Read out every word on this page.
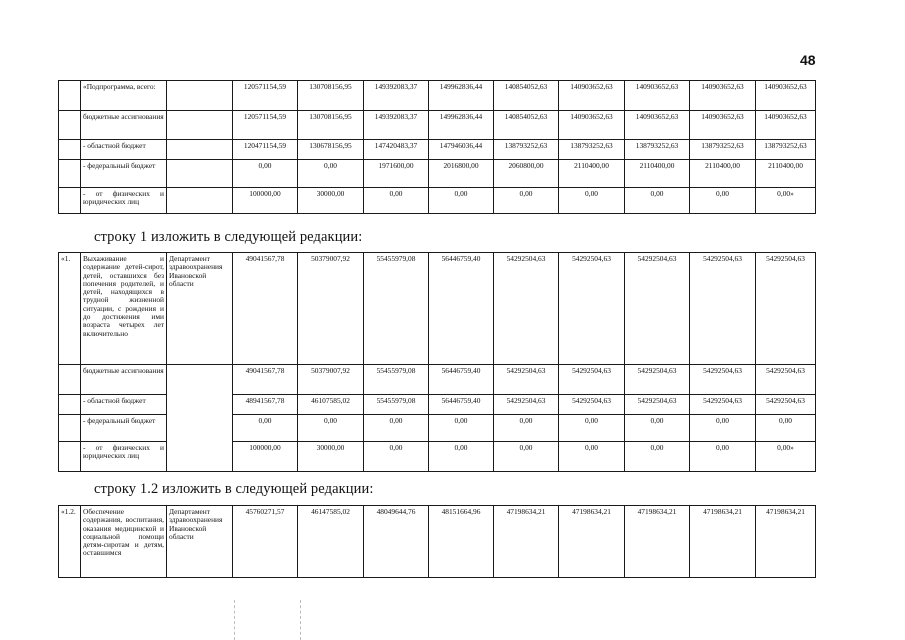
48
	«Подпрограмма, всего:		120571154,59	130708156,95	149392083,37	149962836,44	140854052,63	140903652,63	140903652,63	140903652,63	140903652,63
	бюджетные ассигнования		120571154,59	130708156,95	149392083,37	149962836,44	140854052,63	140903652,63	140903652,63	140903652,63	140903652,63
	- областной бюджет		120471154,59	130678156,95	147420483,37	147946036,44	138793252,63	138793252,63	138793252,63	138793252,63	138793252,63
	- федеральный бюджет		0,00	0,00	1971600,00	2016800,00	2060800,00	2110400,00	2110400,00	2110400,00	2110400,00
	- от физических и юридических лиц		100000,00	30000,00	0,00	0,00	0,00	0,00	0,00	0,00	0,00»
строку 1 изложить в следующей редакции:
«1.	Выхаживание и содержание детей-сирот, детей, оставшихся без попечения родителей, и детей, находящихся в трудной жизненной ситуации, с рождения и до достижения ими возраста четырех лет включительно	Департамент здравоохранения Ивановской области	49041567,78	50379007,92	55455979,08	56446759,40	54292504,63	54292504,63	54292504,63	54292504,63	54292504,63
	бюджетные ассигнования		49041567,78	50379007,92	55455979,08	56446759,40	54292504,63	54292504,63	54292504,63	54292504,63	54292504,63
	- областной бюджет		48941567,78	46107585,02	55455979,08	56446759,40	54292504,63	54292504,63	54292504,63	54292504,63	54292504,63
	- федеральный бюджет		0,00	0,00	0,00	0,00	0,00	0,00	0,00	0,00	0,00
	- от физических и юридических лиц		100000,00	30000,00	0,00	0,00	0,00	0,00	0,00	0,00	0,00»
строку 1.2 изложить в следующей редакции:
«1.2.	Обеспечение содержания, воспитания, оказания медицинской и социальной помощи детям-сиротам и детям, оставшимся	Департамент здравоохранения Ивановской области	45760271,57	46147585,02	48049644,76	48151664,96	47198634,21	47198634,21	47198634,21	47198634,21	47198634,21
